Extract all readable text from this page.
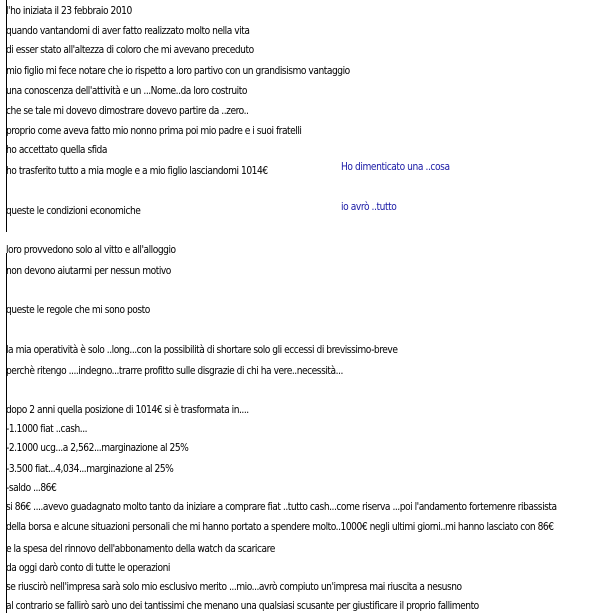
l'ho iniziata il 23 febbraio 2010
quando vantandomi di aver fatto realizzato molto nella vita
di esser stato all'altezza di coloro che mi avevano preceduto
mio figlio mi fece notare che io rispetto a loro partivo con un grandisismo vantaggio
una conoscenza dell'attività e un ...Nome..da loro costruito
che se tale mi dovevo dimostrare dovevo partire da ..zero..
proprio come aveva fatto mio nonno prima poi mio padre e i suoi fratelli
ho accettato quella sfida
ho trasferito tutto a mia mogle e a mio figlio lasciandomi 1014€
queste le condizioni economiche
loro provvedono solo al vitto e all'alloggio
non devono aiutarmi per nessun motivo
queste le regole che mi sono posto
la mia operatività è solo ..long...con la possibilità di shortare solo gli eccessi di brevissimo-breve
perchè ritengo ....indegno...trarre profitto sulle disgrazie di chi ha vere..necessità...
dopo 2 anni quella posizione di 1014€ si è trasformata in....
-1.1000 fiat ..cash...
-2.1000 ucg...a 2,562...marginazione al 25%
-3.500 fiat...4,034...marginazione al 25%
-saldo ...86€
si 86€ ....avevo guadagnato molto tanto da iniziare a comprare fiat ..tutto cash...come riserva ...poi l'andamento fortemenre ribassista
della borsa e alcune situazioni personali che mi hanno portato a spendere molto..1000€ negli ultimi giorni..mi hanno lasciato con 86€
e la spesa del rinnovo dell'abbonamento della watch da scaricare
da oggi darò conto di tutte le operazioni
se riuscirò nell'impresa sarà solo mio esclusivo merito ...mio...avrò compiuto un'impresa mai riuscita a nesusno
al contrario se fallirò sarò uno dei tantissimi che menano una qualsiasi scusante per giustificare il proprio fallimento
Ho dimenticato una ..cosa
io avrò ..tutto
